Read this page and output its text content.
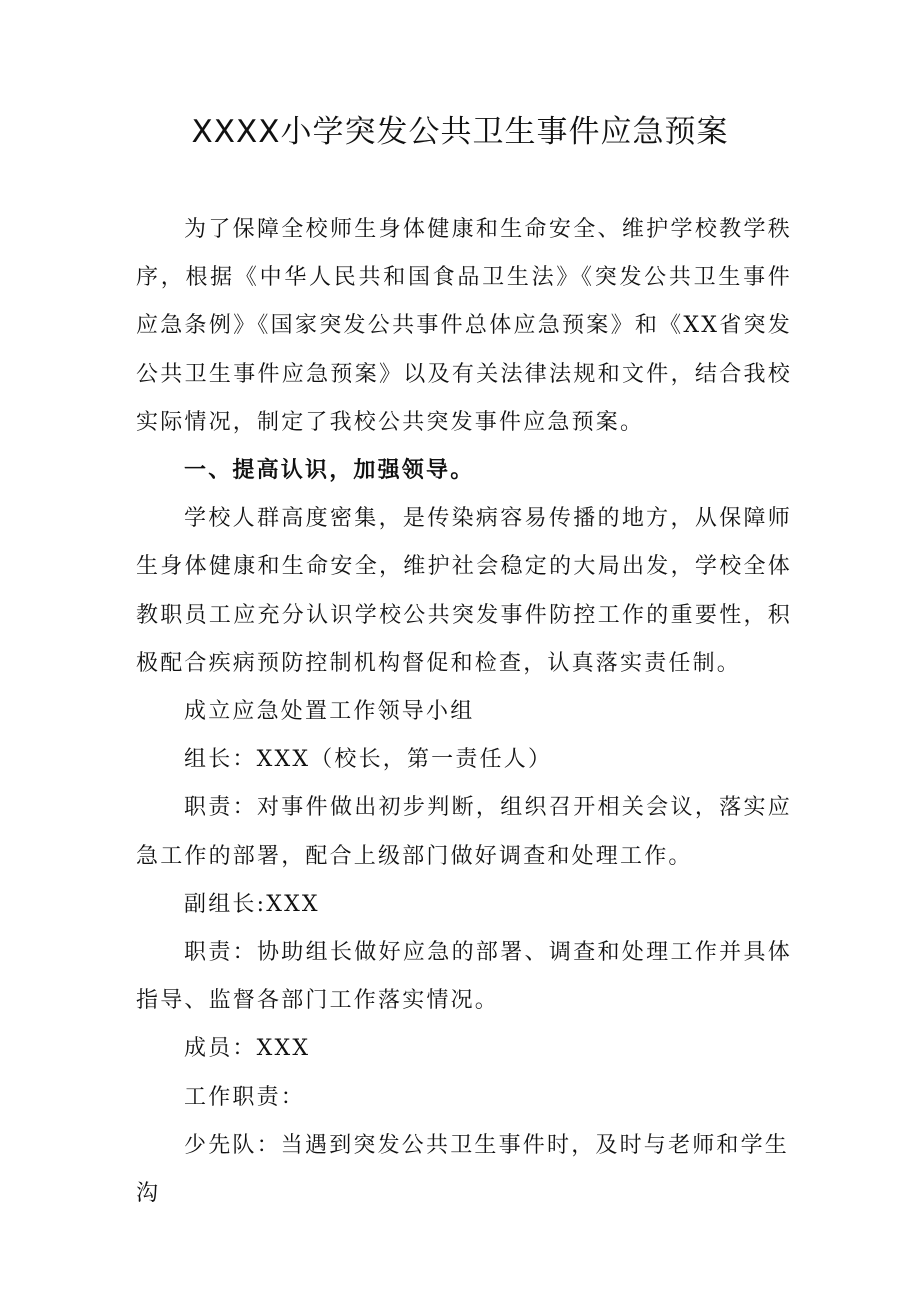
XXXX小学突发公共卫生事件应急预案

为了保障全校师生身体健康和生命安全、维护学校教学秩序，根据《中华人民共和国食品卫生法》《突发公共卫生事件应急条例》《国家突发公共事件总体应急预案》和《XX省突发公共卫生事件应急预案》以及有关法律法规和文件，结合我校实际情况，制定了我校公共突发事件应急预案。

一、提高认识，加强领导。

学校人群高度密集，是传染病容易传播的地方，从保障师生身体健康和生命安全，维护社会稳定的大局出发，学校全体教职员工应充分认识学校公共突发事件防控工作的重要性，积极配合疾病预防控制机构督促和检查，认真落实责任制。

成立应急处置工作领导小组

组长：XXX（校长，第一责任人）

职责：对事件做出初步判断，组织召开相关会议，落实应急工作的部署，配合上级部门做好调查和处理工作。

副组长:XXX

职责：协助组长做好应急的部署、调查和处理工作并具体指导、监督各部门工作落实情况。

成员：XXX

工作职责：

少先队：当遇到突发公共卫生事件时，及时与老师和学生沟
